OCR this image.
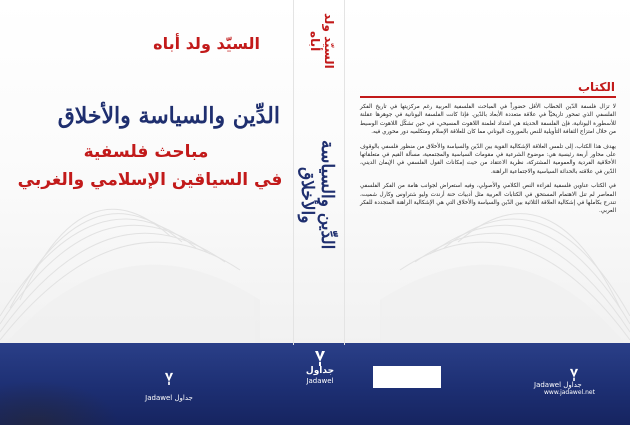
السيّد ولد أباه
الدِّين والسياسة والأخلاق
السيّد ولد أباه
الدِّين والسياسة والأخلاق
مباحث فلسفية
في السياقين الإسلامي والغربي
الكتاب

لا تزال فلسفة الدّين الخطاب الأقل حضوراً في المباحث الفلسفية العربية رغم مركزيتها في تاريخ الفكر الفلسفي الذي تمحور تاريخيّاً في علاقة متعددة الأبعاد بالدّين. فإذا كانت الفلسفة اليونانية في جوهرها عقلنة للأسطورة اليونانية، فإن الفلسفة الحديثة هي امتداد لعلمنة اللاهوت المسيحي، في حين تشكّل اللاهوت الوسيط من خلال امتزاج الثقافة التأويلية للنص بالموروث اليوناني مما كان للعلاقة الإسلام ومتكلميه دور محوري فيه.

يهدف هذا الكتاب، إلى تلمس العلاقة الإشكالية القوية بين الدّين والسياسة والأخلاق من منظور فلسفي بالوقوف على محاور أربعة رئيسية هي: موضوع الشرعية في مقومات السياسية والمجتمعية، مسألة القيم في متعلقاتها الأخلاقية الفردية والعمومية المشتركة، نظرية الاعتقاد من حيث إمكانات القول الفلسفي في الإيمان الديني، الدّين في علاقته بالحداثة السياسية والاجتماعية الراهنة.

في الكتاب عناوين فلسفية لقراءة النص الكلامي والأصولي، وفيه استعراض لجوانب هامة من الفكر الفلسفي المعاصر لم تنل الاهتمام المستحق في الكتابات العربية مثل أدبيات حنة أرندت وليو شتراوس وكارل شميت، تندرج بكاملها في إشكالية العلاقة الثلاثية بين الدّين والسياسة والأخلاق التي هي الإشكالية الراهنة المتجددة للفكر العربي.

جداول
Jadawel
Jadawel جداول
Jadawel جداول
www.jadawel.net
